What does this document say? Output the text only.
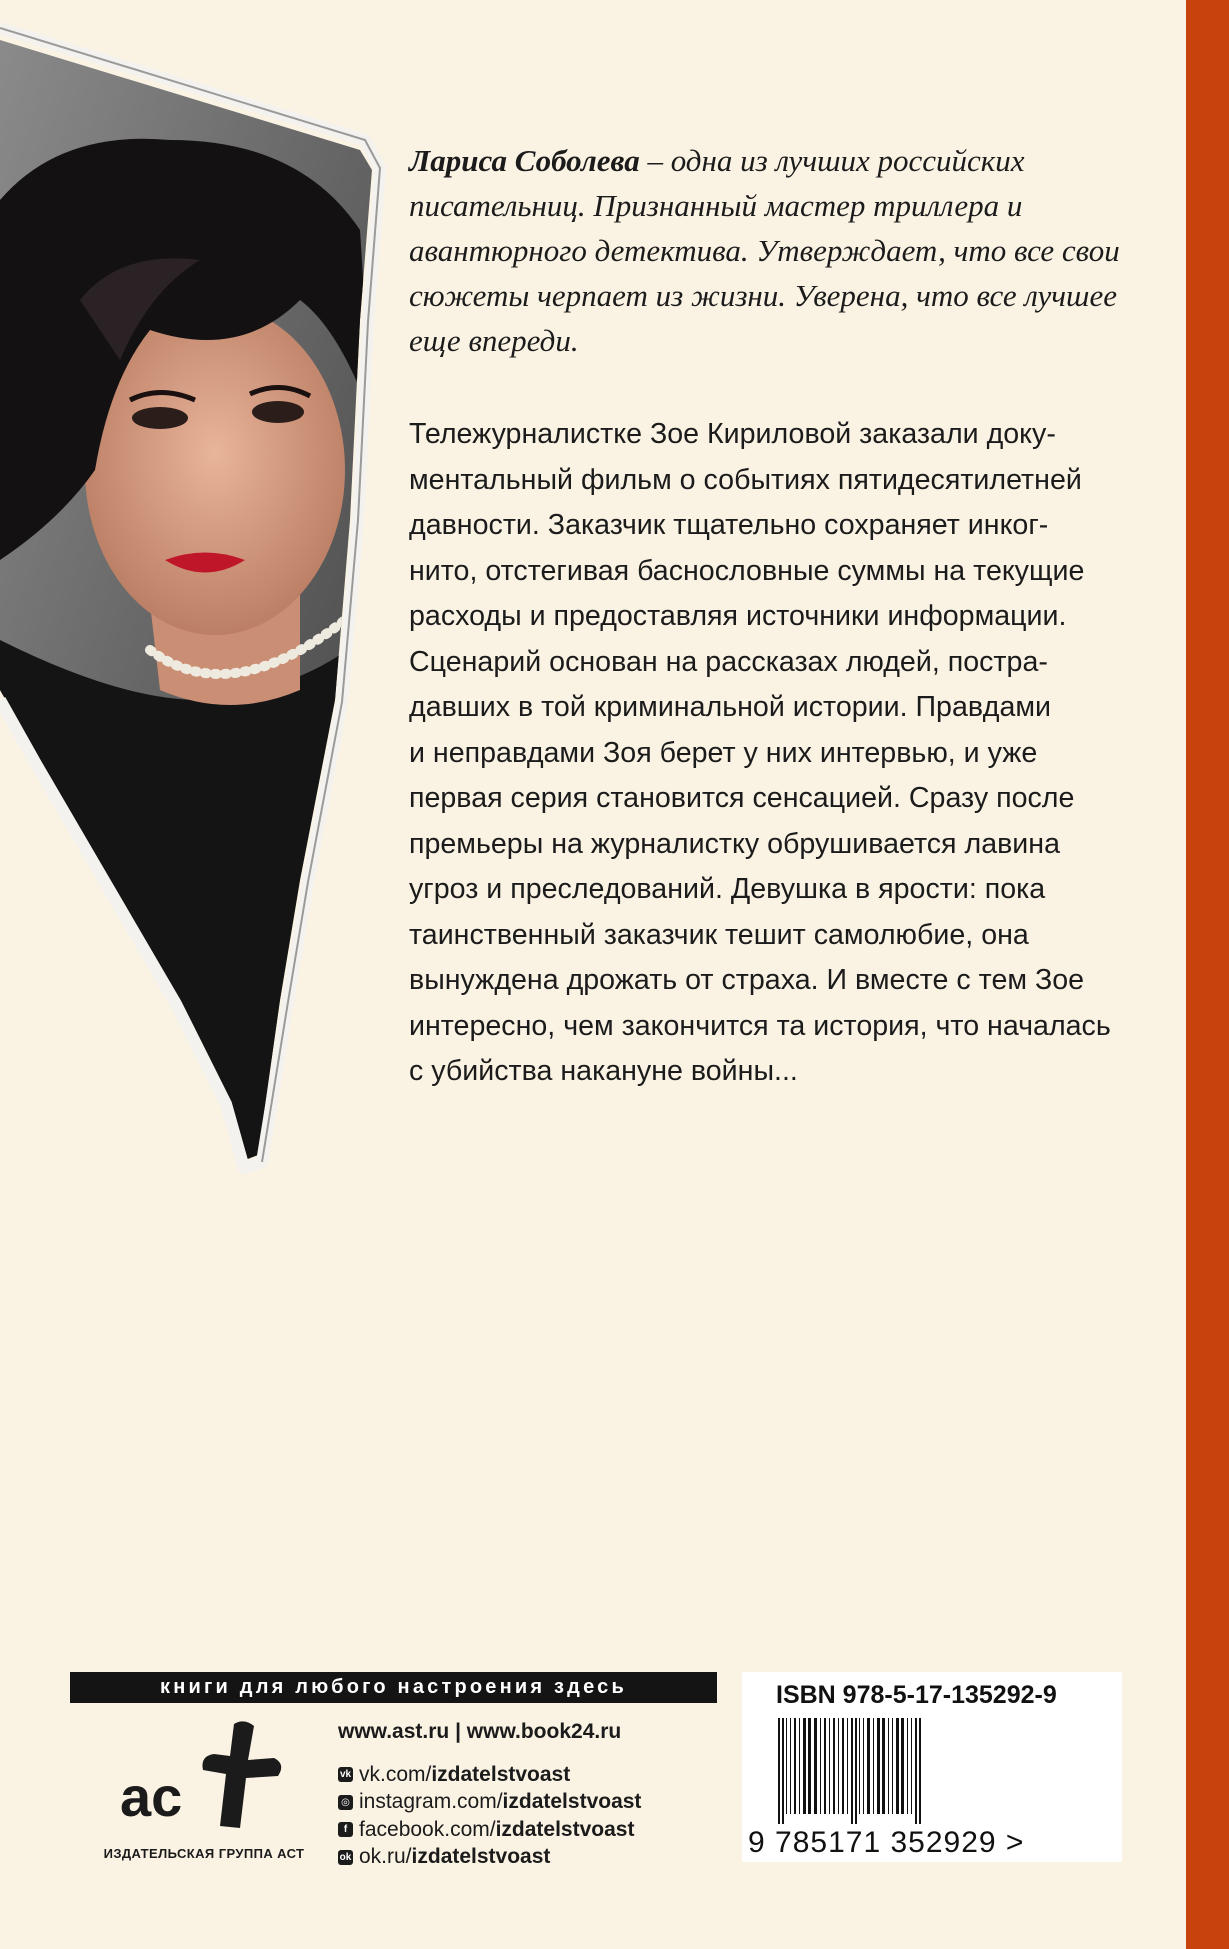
Лариса Соболева – одна из лучших российских писательниц. Признанный мастер триллера и авантюрного детектива. Утверждает, что все свои сюжеты черпает из жизни. Уверена, что все лучшее еще впереди.
Тележурналистке Зое Кириловой заказали доку-
ментальный фильм о событиях пятидесятилетней
давности. Заказчик тщательно сохраняет инког-
нито, отстегивая баснословные суммы на текущие
расходы и предоставляя источники информации.
Сценарий основан на рассказах людей, постра-
давших в той криминальной истории. Правдами
и неправдами Зоя берет у них интервью, и уже
первая серия становится сенсацией. Сразу после
премьеры на журналистку обрушивается лавина
угроз и преследований. Девушка в ярости: пока
таинственный заказчик тешит самолюбие, она
вынуждена дрожать от страха. И вместе с тем Зое
интересно, чем закончится та история, что началась
с убийства накануне войны...
книги для любого настроения здесь
ас
ИЗДАТЕЛЬСКАЯ ГРУППА АСТ
www.ast.ru | www.book24.ru
vk vk.com/ izdatelstvoast
◎ instagram.com/ izdatelstvoast
f facebook.com/ izdatelstvoast
ok ok.ru/ izdatelstvoast
ISBN 978-5-17-135292-9
9 785171 352929 >
